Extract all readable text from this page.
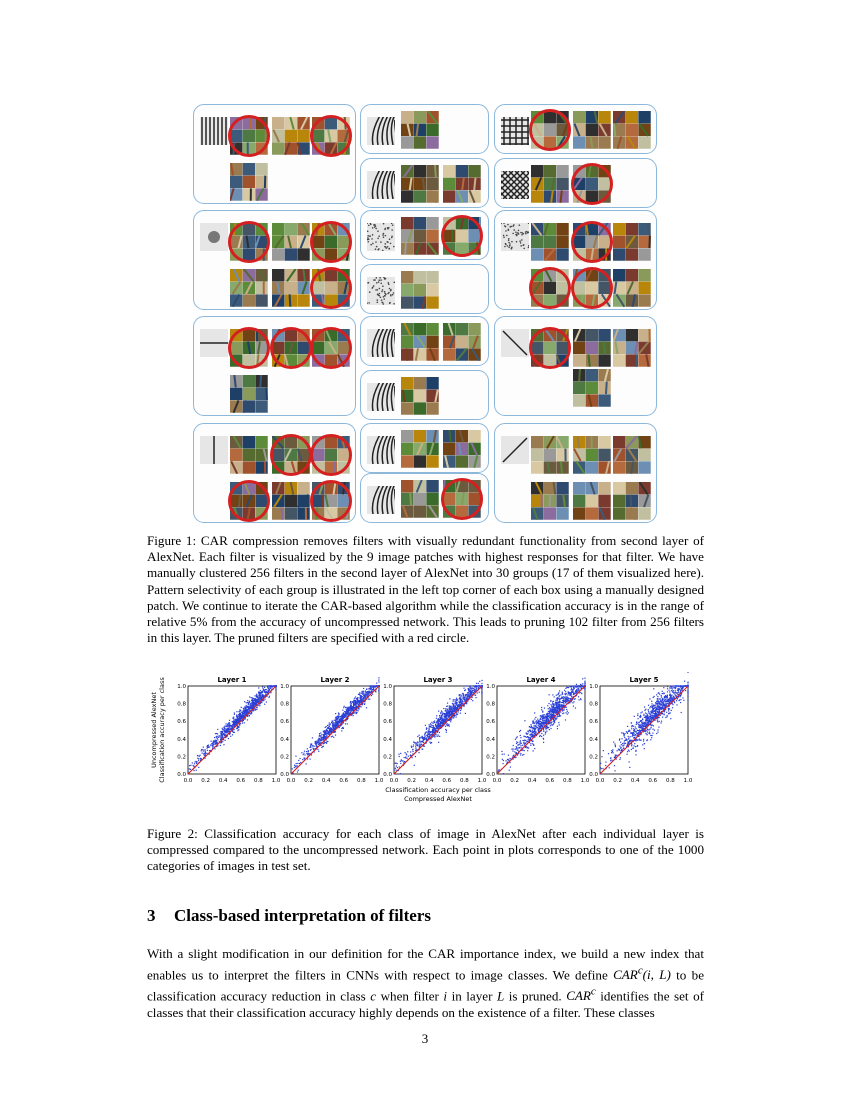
Figure 1: CAR compression removes filters with visually redundant functionality from second layer of AlexNet. Each filter is visualized by the 9 image patches with highest responses for that filter. We have manually clustered 256 filters in the second layer of AlexNet into 30 groups (17 of them visualized here). Pattern selectivity of each group is illustrated in the left top corner of each box using a manually designed patch. We continue to iterate the CAR-based algorithm while the classification accuracy is in the range of relative 5% from the accuracy of uncompressed network. This leads to pruning 102 filter from 256 filters in this layer. The pruned filters are specified with a red circle.

Layer 1
0.0 0.2 0.4 0.6 0.8 1.0
0.0
0.2
0.4
0.6
0.8
1.0
Layer 2
0.0 0.2 0.4 0.6 0.8 1.0
0.0
0.2
0.4
0.6
0.8
1.0
Layer 3
0.0 0.2 0.4 0.6 0.8 1.0
0.0
0.2
0.4
0.6
0.8
1.0
Layer 4
0.0 0.2 0.4 0.6 0.8 1.0
0.0
0.2
0.4
0.6
0.8
1.0
Layer 5
0.0 0.2 0.4 0.6 0.8 1.0
0.0
0.2
0.4
0.6
0.8
1.0
Classification accuracy per class
Compressed AlexNet
Uncompressed AlexNet Classification accuracy per class

Figure 2: Classification accuracy for each class of image in AlexNet after each individual layer is compressed compared to the uncompressed network. Each point in plots corresponds to one of the 1000 categories of images in test set.

3 Class-based interpretation of filters

With a slight modification in our definition for the CAR importance index, we build a new index that enables us to interpret the filters in CNNs with respect to image classes. We define CAR$^c$(i, L) to be classification accuracy reduction in class c when filter i in layer L is pruned. CAR$^c$ identifies the set of classes that their classification accuracy highly depends on the existence of a filter. These classes

3
